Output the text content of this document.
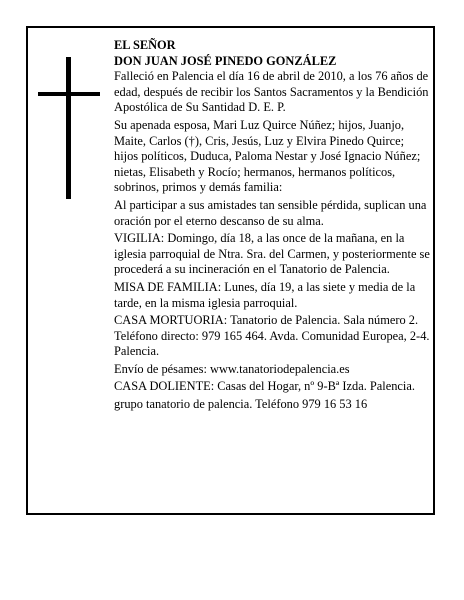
EL SEÑOR
DON JUAN JOSÉ PINEDO GONZÁLEZ

Falleció en Palencia el día 16 de abril de 2010, a los 76 años de edad, después de recibir los Santos Sacramentos y la Bendición Apostólica de Su Santidad D. E. P.

Su apenada esposa, Mari Luz Quirce Núñez; hijos, Juanjo, Maite, Carlos (†), Cris, Jesús, Luz y Elvira Pinedo Quirce; hijos políticos, Duduca, Paloma Nestar y José Ignacio Núñez; nietas, Elisabeth y Rocío; hermanos, hermanos políticos, sobrinos, primos y demás familia:

Al participar a sus amistades tan sensible pérdida, suplican una oración por el eterno descanso de su alma.

VIGILIA: Domingo, día 18, a las once de la mañana, en la iglesia parroquial de Ntra. Sra. del Carmen, y posteriormente se procederá a su incineración en el Tanatorio de Palencia.

MISA DE FAMILIA: Lunes, día 19, a las siete y media de la tarde, en la misma iglesia parroquial.

CASA MORTUORIA: Tanatorio de Palencia. Sala número 2. Teléfono directo: 979 165 464. Avda. Comunidad Europea, 2-4. Palencia.

Envío de pésames: www.tanatoriodepalencia.es

CASA DOLIENTE: Casas del Hogar, nº 9-Bª Izda. Palencia.

grupo tanatorio de palencia. Teléfono 979 16 53 16
